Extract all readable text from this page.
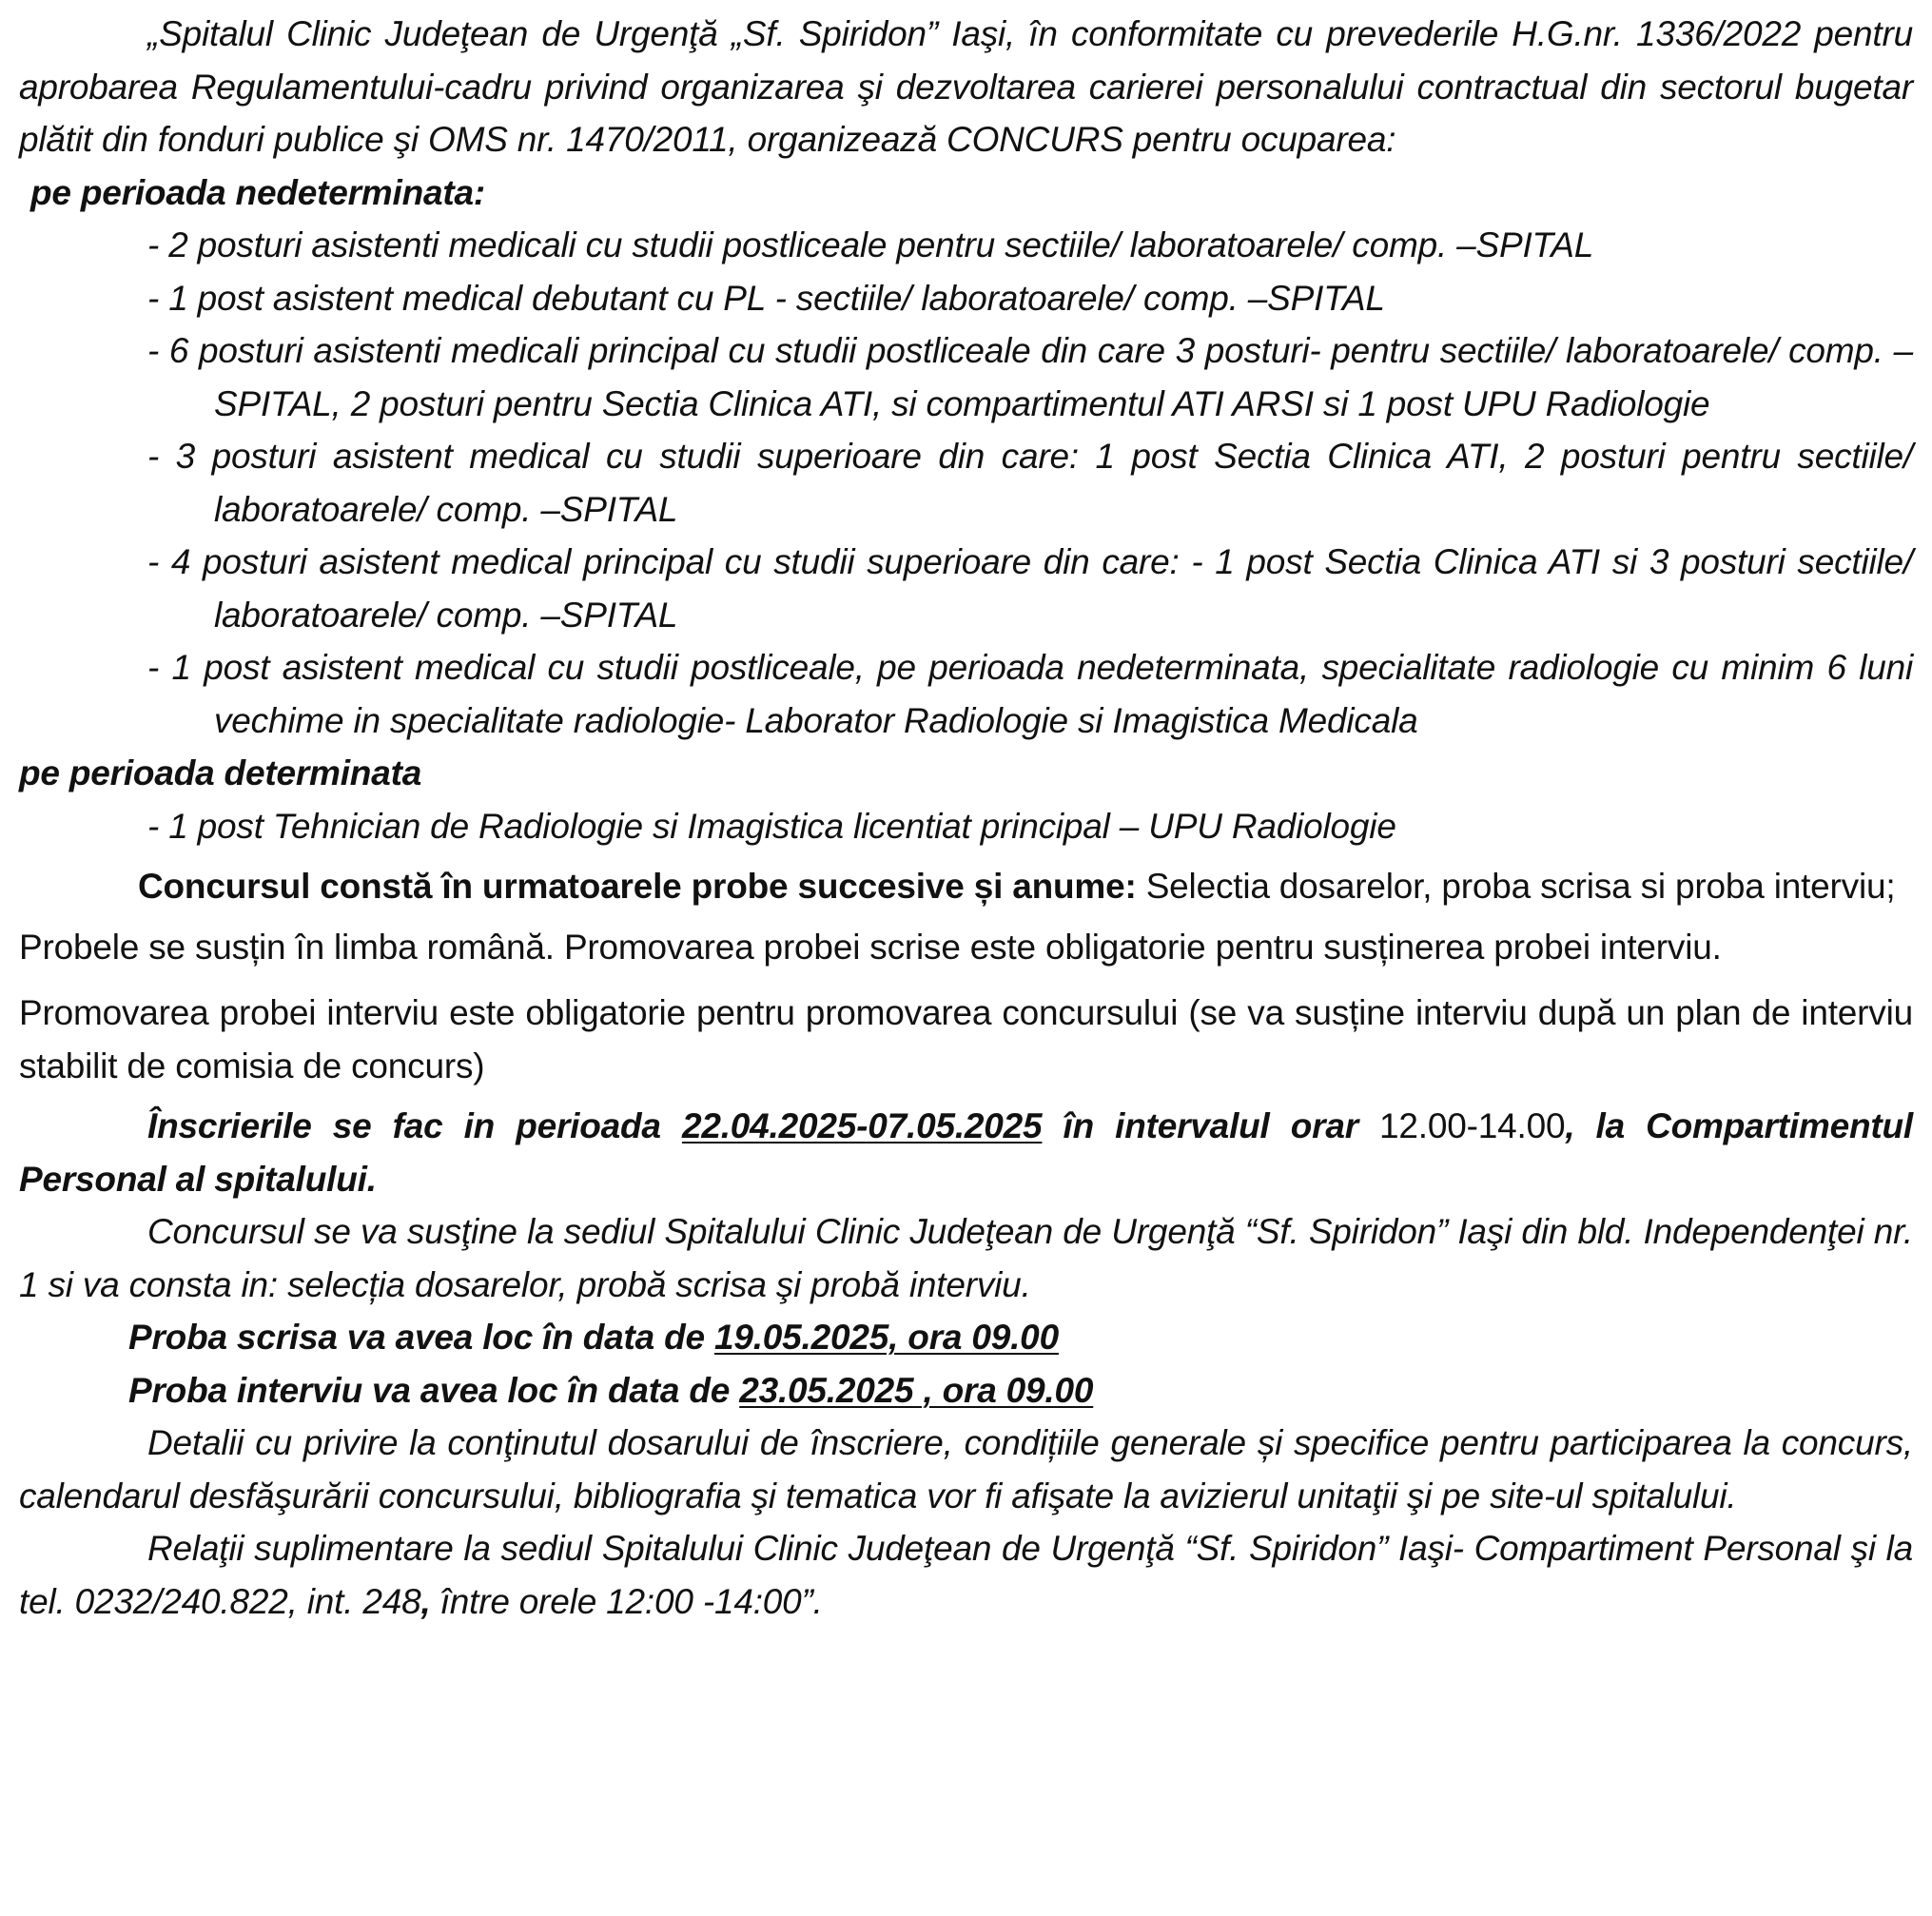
„Spitalul Clinic Judeţean de Urgenţă „Sf. Spiridon” Iaşi, în conformitate cu prevederile H.G.nr. 1336/2022 pentru aprobarea Regulamentului-cadru privind organizarea şi dezvoltarea carierei personalului contractual din sectorul bugetar plătit din fonduri publice şi OMS nr. 1470/2011, organizează CONCURS pentru ocuparea:

pe perioada nedeterminata:

- 2 posturi asistenti medicali cu studii postliceale pentru sectiile/ laboratoarele/ comp. –SPITAL

- 1 post asistent medical debutant cu PL - sectiile/ laboratoarele/ comp. –SPITAL

- 6 posturi asistenti medicali principal cu studii postliceale din care 3 posturi- pentru sectiile/ laboratoarele/ comp. –SPITAL, 2 posturi pentru Sectia Clinica ATI, si compartimentul ATI ARSI si 1 post UPU Radiologie

- 3 posturi asistent medical cu studii superioare din care: 1 post Sectia Clinica ATI, 2 posturi pentru sectiile/ laboratoarele/ comp. –SPITAL

- 4 posturi asistent medical principal cu studii superioare din care: - 1 post Sectia Clinica ATI si 3 posturi sectiile/ laboratoarele/ comp. –SPITAL

- 1 post asistent medical cu studii postliceale, pe perioada nedeterminata, specialitate radiologie cu minim 6 luni vechime in specialitate radiologie- Laborator Radiologie si Imagistica Medicala

pe perioada determinata

- 1 post Tehnician de Radiologie si Imagistica licentiat principal – UPU Radiologie

Concursul constă în urmatoarele probe succesive și anume: Selectia dosarelor, proba scrisa si proba interviu;

Probele se susțin în limba română. Promovarea probei scrise este obligatorie pentru susținerea probei interviu.

Promovarea probei interviu este obligatorie pentru promovarea concursului (se va susține interviu după un plan de interviu stabilit de comisia de concurs)

Înscrierile se fac in perioada 22.04.2025-07.05.2025 în intervalul orar 12.00-14.00, la Compartimentul Personal al spitalului.

Concursul se va susţine la sediul Spitalului Clinic Judeţean de Urgenţă “Sf. Spiridon” Iaşi din bld. Independenţei nr. 1 si va consta in: selecția dosarelor, probă scrisa şi probă interviu.

Proba scrisa va avea loc în data de 19.05.2025, ora 09.00

Proba interviu va avea loc în data de 23.05.2025 , ora 09.00

Detalii cu privire la conţinutul dosarului de înscriere, condițiile generale și specifice pentru participarea la concurs, calendarul desfăşurării concursului, bibliografia şi tematica vor fi afişate la avizierul unitaţii şi pe site-ul spitalului.

Relaţii suplimentare la sediul Spitalului Clinic Judeţean de Urgenţă “Sf. Spiridon” Iaşi- Compartiment Personal şi la tel. 0232/240.822, int. 248, între orele 12:00 -14:00”.
